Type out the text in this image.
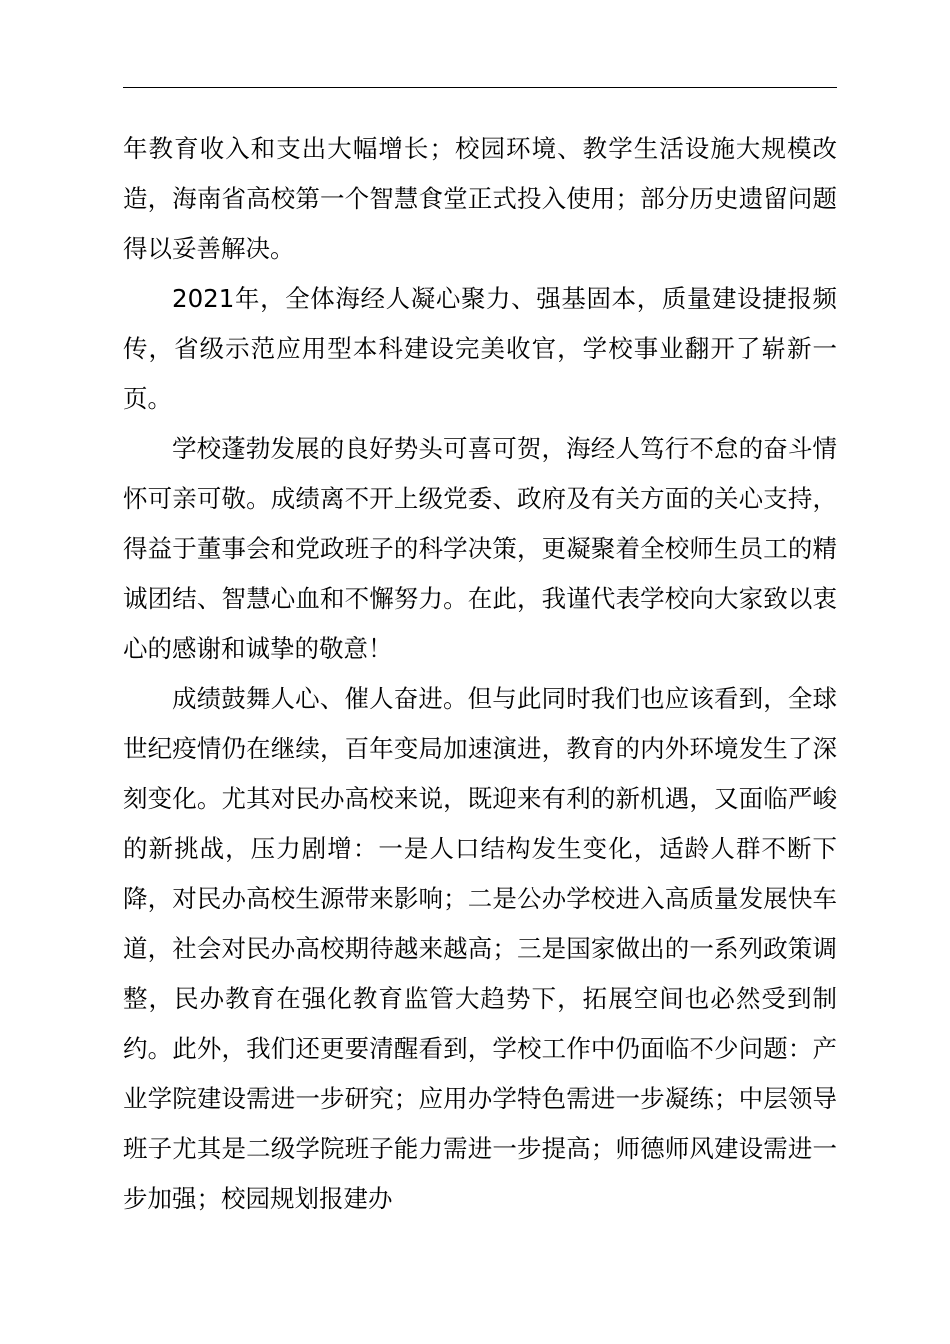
年教育收入和支出大幅增长；校园环境、教学生活设施大规模改造，海南省高校第一个智慧食堂正式投入使用；部分历史遗留问题得以妥善解决。

2021年，全体海经人凝心聚力、强基固本，质量建设捷报频传，省级示范应用型本科建设完美收官，学校事业翻开了崭新一页。

学校蓬勃发展的良好势头可喜可贺，海经人笃行不怠的奋斗情怀可亲可敬。成绩离不开上级党委、政府及有关方面的关心支持，得益于董事会和党政班子的科学决策，更凝聚着全校师生员工的精诚团结、智慧心血和不懈努力。在此，我谨代表学校向大家致以衷心的感谢和诚挚的敬意！

成绩鼓舞人心、催人奋进。但与此同时我们也应该看到，全球世纪疫情仍在继续，百年变局加速演进，教育的内外环境发生了深刻变化。尤其对民办高校来说，既迎来有利的新机遇，又面临严峻的新挑战，压力剧增：一是人口结构发生变化，适龄人群不断下降，对民办高校生源带来影响；二是公办学校进入高质量发展快车道，社会对民办高校期待越来越高；三是国家做出的一系列政策调整，民办教育在强化教育监管大趋势下，拓展空间也必然受到制约。此外，我们还更要清醒看到，学校工作中仍面临不少问题：产业学院建设需进一步研究；应用办学特色需进一步凝练；中层领导班子尤其是二级学院班子能力需进一步提高；师德师风建设需进一步加强；校园规划报建办
